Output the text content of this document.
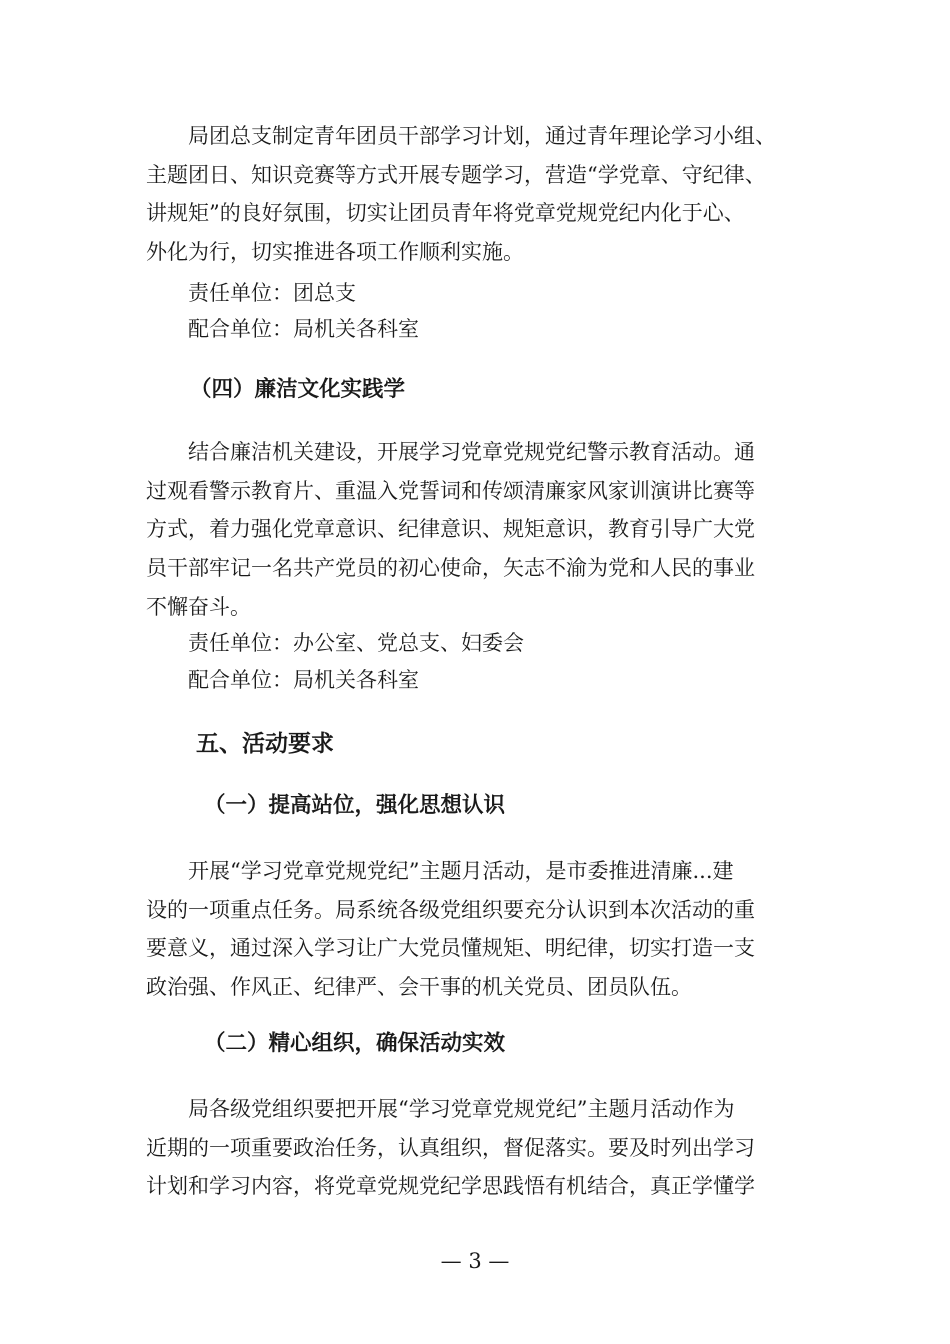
局团总支制定青年团员干部学习计划，通过青年理论学习小组、
主题团日、知识竞赛等方式开展专题学习，营造“学党章、守纪律、
讲规矩”的良好氛围，切实让团员青年将党章党规党纪内化于心、
外化为行，切实推进各项工作顺利实施。
责任单位：团总支
配合单位：局机关各科室
（四）廉洁文化实践学
结合廉洁机关建设，开展学习党章党规党纪警示教育活动。通
过观看警示教育片、重温入党誓词和传颂清廉家风家训演讲比赛等
方式，着力强化党章意识、纪律意识、规矩意识，教育引导广大党
员干部牢记一名共产党员的初心使命，矢志不渝为党和人民的事业
不懈奋斗。
责任单位：办公室、党总支、妇委会
配合单位：局机关各科室
五、活动要求
（一）提高站位，强化思想认识
开展“学习党章党规党纪”主题月活动，是市委推进清廉...建
设的一项重点任务。局系统各级党组织要充分认识到本次活动的重
要意义，通过深入学习让广大党员懂规矩、明纪律，切实打造一支
政治强、作风正、纪律严、会干事的机关党员、团员队伍。
（二）精心组织，确保活动实效
局各级党组织要把开展“学习党章党规党纪”主题月活动作为
近期的一项重要政治任务，认真组织，督促落实。要及时列出学习
计划和学习内容，将党章党规党纪学思践悟有机结合，真正学懂学
— 3 —
